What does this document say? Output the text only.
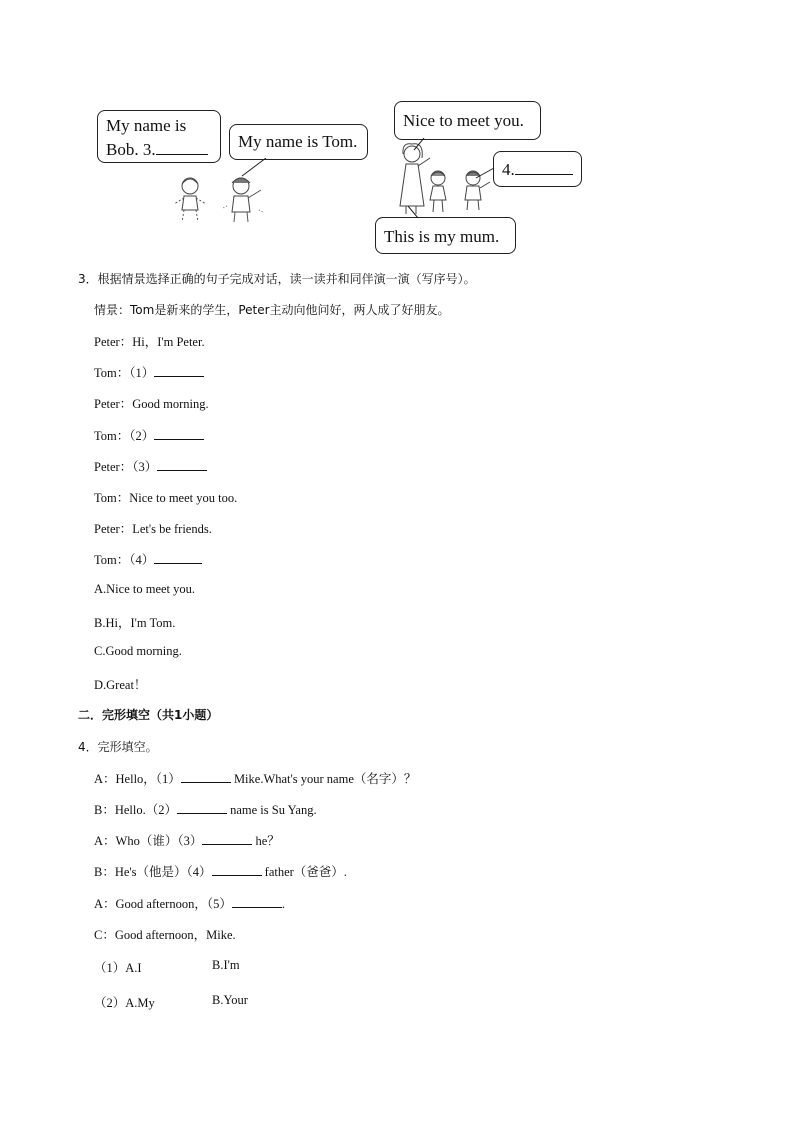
My name is
Bob. 3.	My name is Tom.
Nice to meet you.
4.
This is my mum.
3．根据情景选择正确的句子完成对话，读一读并和同伴演一演（写序号）。
情景：Tom是新来的学生，Peter主动向他问好，两人成了好朋友。
Peter：Hi，I'm Peter.
Tom：（1）
Peter：Good morning.
Tom：（2）
Peter：（3）
Tom：Nice to meet you too.
Peter：Let's be friends.
Tom：（4）
A.Nice to meet you.
B.Hi，I'm Tom.
C.Good morning.
D.Great！
二．完形填空（共1小题）
4．完形填空。
A：Hello，（1）	Mike.What's your name（名字）？
B：Hello.（2）	name is Su Yang.
A：Who（谁）（3）	he？
B：He's（他是）（4）	father（爸爸）.
A：Good afternoon，（5）	.
C：Good afternoon，Mike.
（1）A.I	B.I'm
（2）A.My	B.Your
